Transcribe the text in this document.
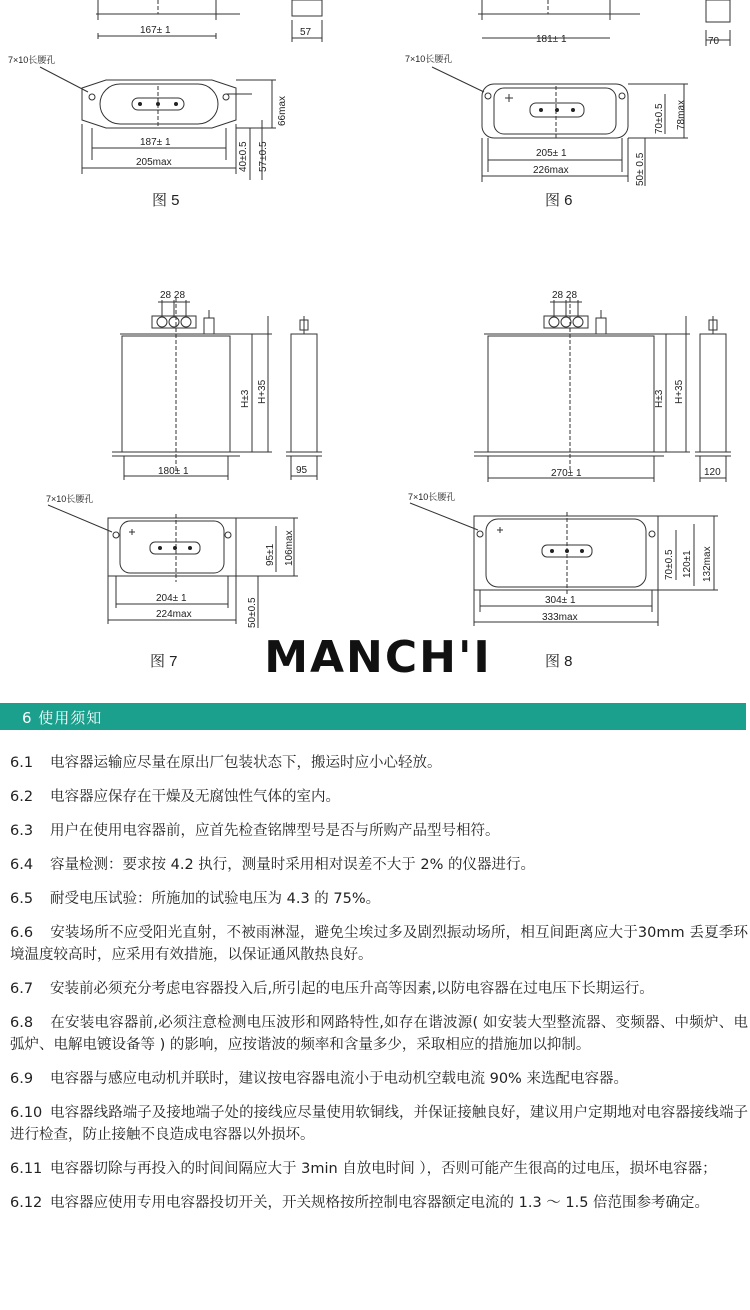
167± 1	57
7×10长腰孔
187± 1
205max
66max
40±0.5 57±0.5
图 5
181± 1	70
7×10长腰孔
205± 1
226max
70±0.5 78max
50± 0.5
图 6
28 28
H±3 H+35
180± 1	95
7×10长腰孔
204± 1
224max
95±1 106max
50±0.5
图 7
28 28
H±3 H+35
270± 1	120
7×10长腰孔
304± 1
333max
70±0.5 120±1 132max
图 8
MANCH'I
6 使用须知
6.1 电容器运输应尽量在原出厂包装状态下，搬运时应小心轻放。
6.2 电容器应保存在干燥及无腐蚀性气体的室内。
6.3 用户在使用电容器前，应首先检查铭牌型号是否与所购产品型号相符。
6.4 容量检测：要求按 4.2 执行，测量时采用相对误差不大于 2% 的仪器进行。
6.5 耐受电压试验：所施加的试验电压为 4.3 的 75%。
6.6 安装场所不应受阳光直射，不被雨淋湿，避免尘埃过多及剧烈振动场所，相互间距离应大于30mm 丢夏季环境温度较高时，应采用有效措施，以保证通风散热良好。
6.7 安装前必须充分考虑电容器投入后,所引起的电压升高等因素,以防电容器在过电压下长期运行。
6.8 在安装电容器前,必须注意检测电压波形和网路特性,如存在谐波源( 如安装大型整流器、变频器、中频炉、电弧炉、电解电镀设备等 ) 的影响，应按谐波的频率和含量多少，采取相应的措施加以抑制。
6.9 电容器与感应电动机并联时，建议按电容器电流小于电动机空载电流 90% 来选配电容器。
6.10 电容器线路端子及接地端子处的接线应尽量使用软铜线，并保证接触良好，建议用户定期地对电容器接线端子进行检查，防止接触不良造成电容器以外损坏。
6.11 电容器切除与再投入的时间间隔应大于 3min 自放电时间 ），否则可能产生很高的过电压，损坏电容器；
6.12 电容器应使用专用电容器投切开关，开关规格按所控制电容器额定电流的 1.3 ～ 1.5 倍范围参考确定。
